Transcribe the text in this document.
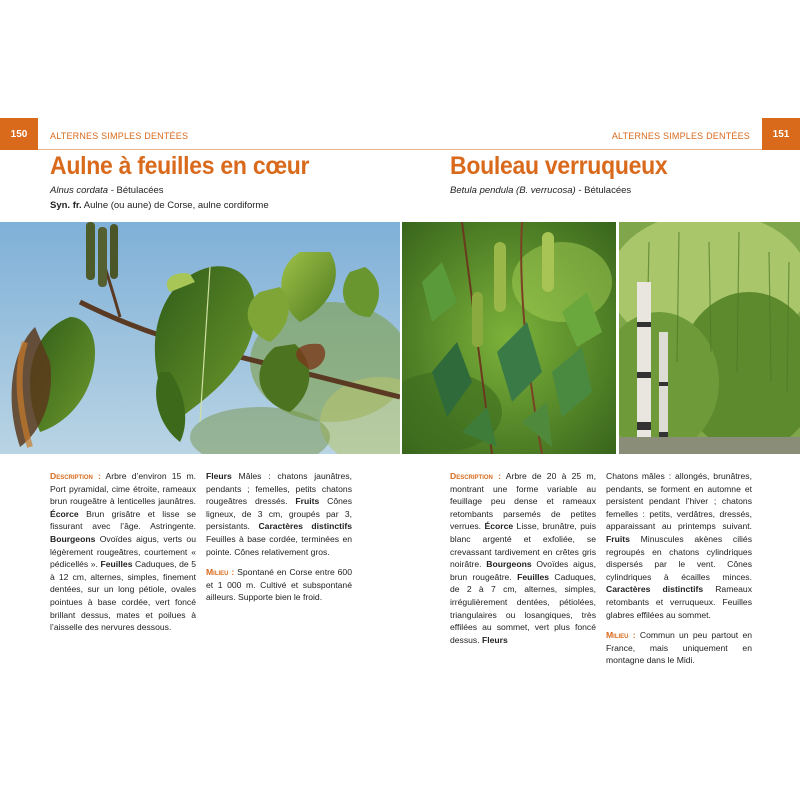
150	ALTERNES SIMPLES DENTÉES
Aulne à feuilles en cœur
Alnus cordata - Bétulacées
Syn. fr. Aulne (ou aune) de Corse, aulne cordiforme

Description : Arbre d’environ 15 m. Port pyramidal, cime étroite, rameaux brun rougeâtre à lenticelles jaunâtres. Écorce Brun grisâtre et lisse se fissurant avec l’âge. Astringente. Bourgeons Ovoïdes aigus, verts ou légèrement rougeâtres, courtement « pédicellés ». Feuilles Caduques, de 5 à 12 cm, alternes, simples, finement dentées, sur un long pétiole, ovales pointues à base cordée, vert foncé brillant dessus, mates et poilues à l’aisselle des nervures dessous.

Fleurs Mâles : chatons jaunâtres, pendants ; femelles, petits chatons rougeâtres dressés. Fruits Cônes ligneux, de 3 cm, groupés par 3, persistants. Caractères distinctifs Feuilles à base cordée, terminées en pointe. Cônes relativement gros.

Milieu : Spontané en Corse entre 600 et 1 000 m. Cultivé et subspontané ailleurs. Supporte bien le froid.

151
ALTERNES SIMPLES DENTÉES
Bouleau verruqueux
Betula pendula (B. verrucosa) - Bétulacées

Description : Arbre de 20 à 25 m, montrant une forme variable au feuillage peu dense et rameaux retombants parsemés de petites verrues. Écorce Lisse, brunâtre, puis blanc argenté et exfoliée, se crevassant tardivement en crêtes gris noirâtre. Bourgeons Ovoïdes aigus, brun rougeâtre. Feuilles Caduques, de 2 à 7 cm, alternes, simples, irrégulièrement dentées, pétiolées, triangulaires ou losangiques, très effilées au sommet, vert plus foncé dessus. Fleurs

Chatons mâles : allongés, brunâtres, pendants, se forment en automne et persistent pendant l’hiver ; chatons femelles : petits, verdâtres, dressés, apparaissant au printemps suivant. Fruits Minuscules akènes ciliés regroupés en chatons cylindriques dispersés par le vent. Cônes cylindriques à écailles minces. Caractères distinctifs Rameaux retombants et verruqueux. Feuilles glabres effilées au sommet.

Milieu : Commun un peu partout en France, mais uniquement en montagne dans le Midi.
